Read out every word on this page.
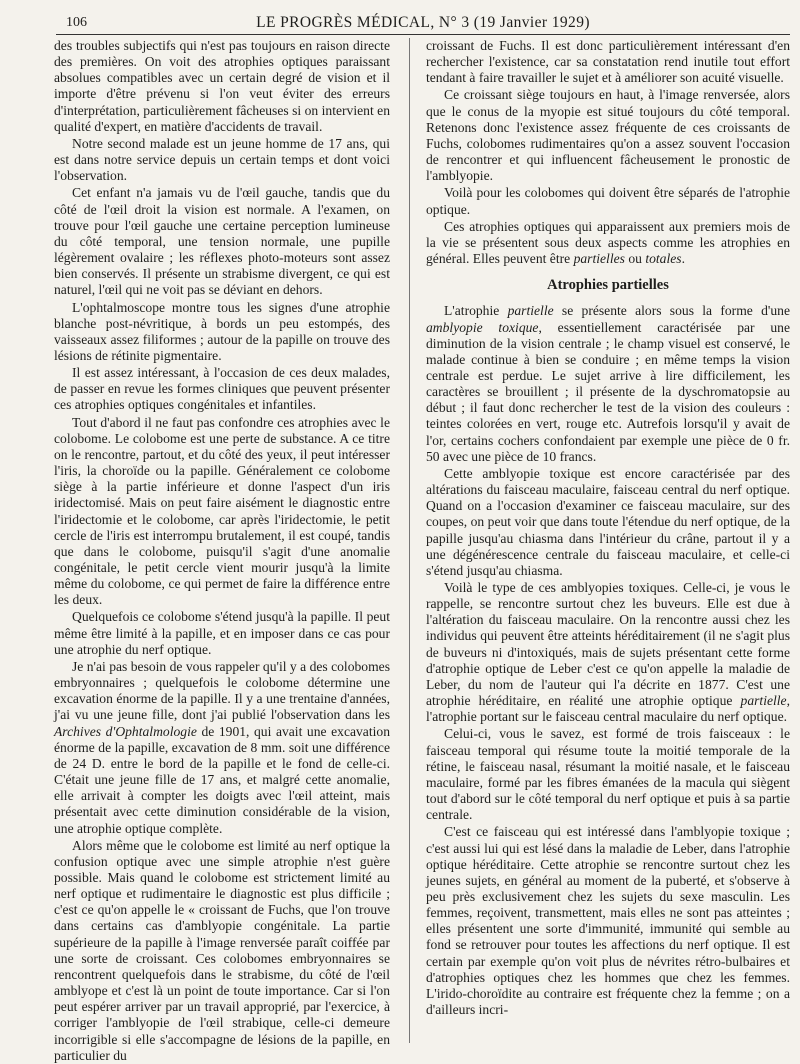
106	LE PROGRÈS MÉDICAL, N° 3 (19 Janvier 1929)

des troubles subjectifs qui n'est pas toujours en raison directe des premières. On voit des atrophies optiques paraissant absolues compatibles avec un certain degré de vision et il importe d'être prévenu si l'on veut éviter des erreurs d'interprétation, particulièrement fâcheuses si on intervient en qualité d'expert, en matière d'accidents de travail.

Notre second malade est un jeune homme de 17 ans, qui est dans notre service depuis un certain temps et dont voici l'observation.

Cet enfant n'a jamais vu de l'œil gauche, tandis que du côté de l'œil droit la vision est normale. A l'examen, on trouve pour l'œil gauche une certaine perception lumineuse du côté temporal, une tension normale, une pupille légèrement ovalaire ; les réflexes photo-moteurs sont assez bien conservés. Il présente un strabisme divergent, ce qui est naturel, l'œil qui ne voit pas se déviant en dehors.

L'ophtalmoscope montre tous les signes d'une atrophie blanche post-névritique, à bords un peu estompés, des vaisseaux assez filiformes ; autour de la papille on trouve des lésions de rétinite pigmentaire.

Il est assez intéressant, à l'occasion de ces deux malades, de passer en revue les formes cliniques que peuvent présenter ces atrophies optiques congénitales et infantiles.

Tout d'abord il ne faut pas confondre ces atrophies avec le colobome. Le colobome est une perte de substance. A ce titre on le rencontre, partout, et du côté des yeux, il peut intéresser l'iris, la choroïde ou la papille. Généralement ce colobome siège à la partie inférieure et donne l'aspect d'un iris iridectomisé. Mais on peut faire aisément le diagnostic entre l'iridectomie et le colobome, car après l'iridectomie, le petit cercle de l'iris est interrompu brutalement, il est coupé, tandis que dans le colobome, puisqu'il s'agit d'une anomalie congénitale, le petit cercle vient mourir jusqu'à la limite même du colobome, ce qui permet de faire la différence entre les deux.

Quelquefois ce colobome s'étend jusqu'à la papille. Il peut même être limité à la papille, et en imposer dans ce cas pour une atrophie du nerf optique.

Je n'ai pas besoin de vous rappeler qu'il y a des colobomes embryonnaires ; quelquefois le colobome détermine une excavation énorme de la papille. Il y a une trentaine d'années, j'ai vu une jeune fille, dont j'ai publié l'observation dans les Archives d'Ophtalmologie de 1901, qui avait une excavation énorme de la papille, excavation de 8 mm. soit une différence de 24 D. entre le bord de la papille et le fond de celle-ci. C'était une jeune fille de 17 ans, et malgré cette anomalie, elle arrivait à compter les doigts avec l'œil atteint, mais présentait avec cette diminution considérable de la vision, une atrophie optique complète.

Alors même que le colobome est limité au nerf optique la confusion optique avec une simple atrophie n'est guère possible. Mais quand le colobome est strictement limité au nerf optique et rudimentaire le diagnostic est plus difficile ; c'est ce qu'on appelle le « croissant de Fuchs, que l'on trouve dans certains cas d'amblyopie congénitale. La partie supérieure de la papille à l'image renversée paraît coiffée par une sorte de croissant. Ces colobomes embryonnaires se rencontrent quelquefois dans le strabisme, du côté de l'œil amblyope et c'est là un point de toute importance. Car si l'on peut espérer arriver par un travail approprié, par l'exercice, à corriger l'amblyopie de l'œil strabique, celle-ci demeure incorrigible si elle s'accompagne de lésions de la papille, en particulier du

croissant de Fuchs. Il est donc particulièrement intéressant d'en rechercher l'existence, car sa constatation rend inutile tout effort tendant à faire travailler le sujet et à améliorer son acuité visuelle.

Ce croissant siège toujours en haut, à l'image renversée, alors que le conus de la myopie est situé toujours du côté temporal. Retenons donc l'existence assez fréquente de ces croissants de Fuchs, colobomes rudimentaires qu'on a assez souvent l'occasion de rencontrer et qui influencent fâcheusement le pronostic de l'amblyopie.

Voilà pour les colobomes qui doivent être séparés de l'atrophie optique.

Ces atrophies optiques qui apparaissent aux premiers mois de la vie se présentent sous deux aspects comme les atrophies en général. Elles peuvent être partielles ou totales.

Atrophies partielles

L'atrophie partielle se présente alors sous la forme d'une amblyopie toxique, essentiellement caractérisée par une diminution de la vision centrale ; le champ visuel est conservé, le malade continue à bien se conduire ; en même temps la vision centrale est perdue. Le sujet arrive à lire difficilement, les caractères se brouillent ; il présente de la dyschromatopsie au début ; il faut donc rechercher le test de la vision des couleurs : teintes colorées en vert, rouge etc. Autrefois lorsqu'il y avait de l'or, certains cochers confondaient par exemple une pièce de 0 fr. 50 avec une pièce de 10 francs.

Cette amblyopie toxique est encore caractérisée par des altérations du faisceau maculaire, faisceau central du nerf optique. Quand on a l'occasion d'examiner ce faisceau maculaire, sur des coupes, on peut voir que dans toute l'étendue du nerf optique, de la papille jusqu'au chiasma dans l'intérieur du crâne, partout il y a une dégénérescence centrale du faisceau maculaire, et celle-ci s'étend jusqu'au chiasma.

Voilà le type de ces amblyopies toxiques. Celle-ci, je vous le rappelle, se rencontre surtout chez les buveurs. Elle est due à l'altération du faisceau maculaire. On la rencontre aussi chez les individus qui peuvent être atteints héréditairement (il ne s'agit plus de buveurs ni d'intoxiqués, mais de sujets présentant cette forme d'atrophie optique de Leber c'est ce qu'on appelle la maladie de Leber, du nom de l'auteur qui l'a décrite en 1877. C'est une atrophie héréditaire, en réalité une atrophie optique partielle, l'atrophie portant sur le faisceau central maculaire du nerf optique.

Celui-ci, vous le savez, est formé de trois faisceaux : le faisceau temporal qui résume toute la moitié temporale de la rétine, le faisceau nasal, résumant la moitié nasale, et le faisceau maculaire, formé par les fibres émanées de la macula qui siègent tout d'abord sur le côté temporal du nerf optique et puis à sa partie centrale.

C'est ce faisceau qui est intéressé dans l'amblyopie toxique ; c'est aussi lui qui est lésé dans la maladie de Leber, dans l'atrophie optique héréditaire. Cette atrophie se rencontre surtout chez les jeunes sujets, en général au moment de la puberté, et s'observe à peu près exclusivement chez les sujets du sexe masculin. Les femmes, reçoivent, transmettent, mais elles ne sont pas atteintes ; elles présentent une sorte d'immunité, immunité qui semble au fond se retrouver pour toutes les affections du nerf optique. Il est certain par exemple qu'on voit plus de névrites rétro-bulbaires et d'atrophies optiques chez les hommes que chez les femmes. L'irido-choroïdite au contraire est fréquente chez la femme ; on a d'ailleurs incri-
